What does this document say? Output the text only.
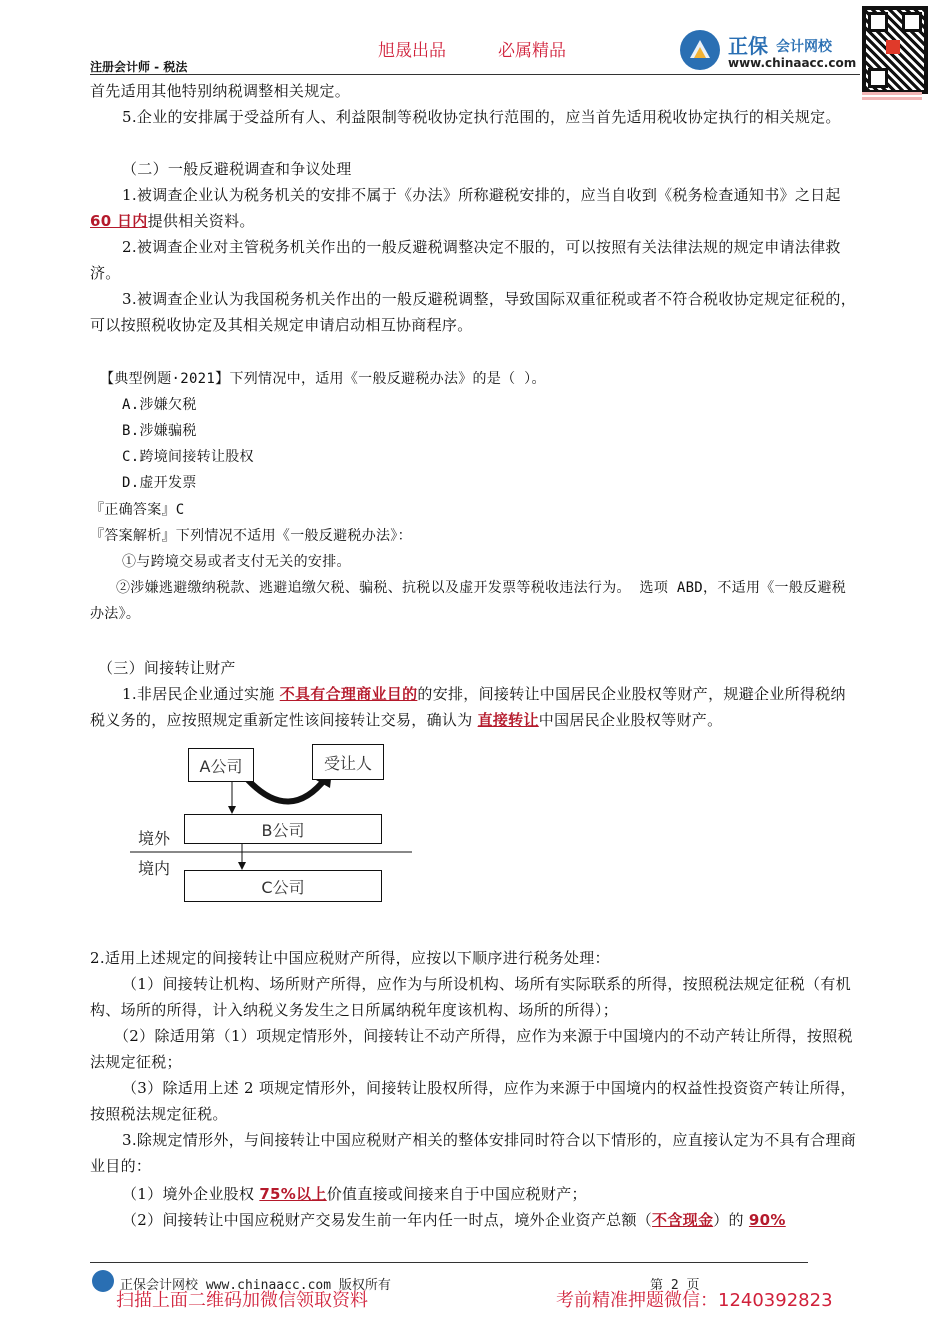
旭晟出品	必属精品
注册会计师 - 税法
正保 会计网校
www.chinaacc.com
首先适用其他特别纳税调整相关规定。
5.企业的安排属于受益所有人、利益限制等税收协定执行范围的，应当首先适用税收协定执行的相关规定。
（二）一般反避税调查和争议处理
1.被调查企业认为税务机关的安排不属于《办法》所称避税安排的，应当自收到《税务检查通知书》之日起 60 日内提供相关资料。
2.被调查企业对主管税务机关作出的一般反避税调整决定不服的，可以按照有关法律法规的规定申请法律救济。
3.被调查企业认为我国税务机关作出的一般反避税调整，导致国际双重征税或者不符合税收协定规定征税的，可以按照税收协定及其相关规定申请启动相互协商程序。
【典型例题·2021】下列情况中，适用《一般反避税办法》的是（ ）。
A.涉嫌欠税
B.涉嫌骗税
C.跨境间接转让股权
D.虚开发票
『正确答案』C
『答案解析』下列情况不适用《一般反避税办法》：
①与跨境交易或者支付无关的安排。
②涉嫌逃避缴纳税款、逃避追缴欠税、骗税、抗税以及虚开发票等税收违法行为。 选项 ABD，不适用《一般反避税办法》。
（三）间接转让财产
1.非居民企业通过实施 不具有合理商业目的的安排，间接转让中国居民企业股权等财产，规避企业所得税纳税义务的，应按照规定重新定性该间接转让交易，确认为 直接转让中国居民企业股权等财产。
A公司	受让人
B公司
C公司
境外
境内
2.适用上述规定的间接转让中国应税财产所得，应按以下顺序进行税务处理：
（1）间接转让机构、场所财产所得，应作为与所设机构、场所有实际联系的所得，按照税法规定征税（有机构、场所的所得，计入纳税义务发生之日所属纳税年度该机构、场所的所得）；
（2）除适用第（1）项规定情形外，间接转让不动产所得，应作为来源于中国境内的不动产转让所得，按照税法规定征税；
（3）除适用上述 2 项规定情形外，间接转让股权所得，应作为来源于中国境内的权益性投资资产转让所得，按照税法规定征税。
3.除规定情形外，与间接转让中国应税财产相关的整体安排同时符合以下情形的，应直接认定为不具有合理商业目的：
（1）境外企业股权 75%以上价值直接或间接来自于中国应税财产；
（2）间接转让中国应税财产交易发生前一年内任一时点，境外企业资产总额（不含现金）的 90%
正保会计网校 www.chinaacc.com 版权所有	第 2 页
扫描上面二维码加微信领取资料	考前精准押题微信：1240392823
